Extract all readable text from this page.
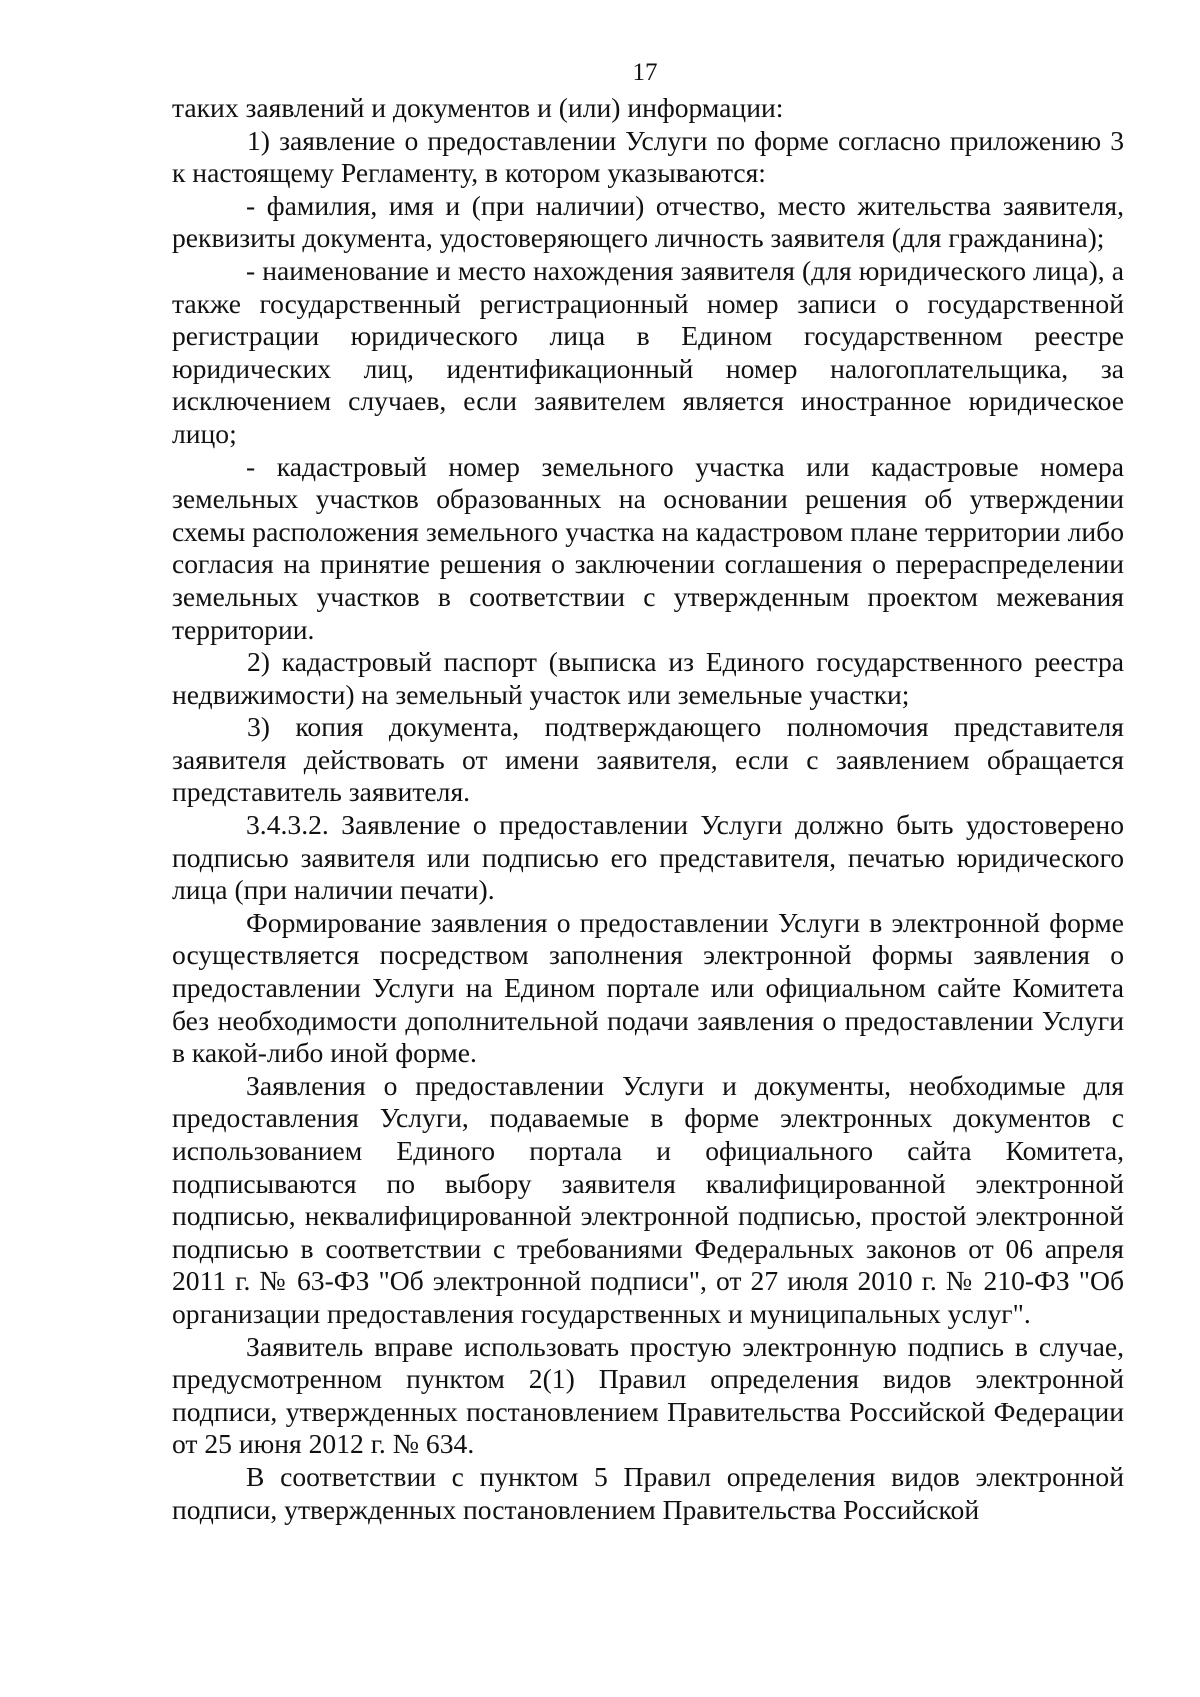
17

таких заявлений и документов и (или) информации:

1) заявление о предоставлении Услуги по форме согласно приложению 3 к настоящему Регламенту, в котором указываются:

- фамилия, имя и (при наличии) отчество, место жительства заявителя, реквизиты документа, удостоверяющего личность заявителя (для гражданина);

- наименование и место нахождения заявителя (для юридического лица), а также государственный регистрационный номер записи о государственной регистрации юридического лица в Едином государственном реестре юридических лиц, идентификационный номер налогоплательщика, за исключением случаев, если заявителем является иностранное юридическое лицо;

- кадастровый номер земельного участка или кадастровые номера земельных участков образованных на основании решения об утверждении схемы расположения земельного участка на кадастровом плане территории либо согласия на принятие решения о заключении соглашения о перераспределении земельных участков в соответствии с утвержденным проектом межевания территории.

2) кадастровый паспорт (выписка из Единого государственного реестра недвижимости) на земельный участок или земельные участки;

3) копия документа, подтверждающего полномочия представителя заявителя действовать от имени заявителя, если с заявлением обращается представитель заявителя.

3.4.3.2. Заявление о предоставлении Услуги должно быть удостоверено подписью заявителя или подписью его представителя, печатью юридического лица (при наличии печати).

Формирование заявления о предоставлении Услуги в электронной форме осуществляется посредством заполнения электронной формы заявления о предоставлении Услуги на Едином портале или официальном сайте Комитета без необходимости дополнительной подачи заявления о предоставлении Услуги в какой-либо иной форме.

Заявления о предоставлении Услуги и документы, необходимые для предоставления Услуги, подаваемые в форме электронных документов с использованием Единого портала и официального сайта Комитета, подписываются по выбору заявителя квалифицированной электронной подписью, неквалифицированной электронной подписью, простой электронной подписью в соответствии с требованиями Федеральных законов от 06 апреля 2011 г. № 63-ФЗ "Об электронной подписи", от 27 июля 2010 г. № 210-ФЗ "Об организации предоставления государственных и муниципальных услуг".

Заявитель вправе использовать простую электронную подпись в случае, предусмотренном пунктом 2(1) Правил определения видов электронной подписи, утвержденных постановлением Правительства Российской Федерации от 25 июня 2012 г. № 634.

В соответствии с пунктом 5 Правил определения видов электронной подписи, утвержденных постановлением Правительства Российской
